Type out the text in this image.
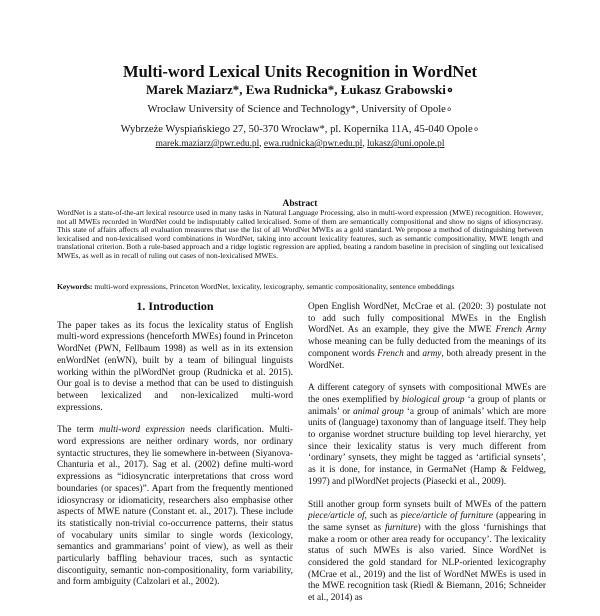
Multi-word Lexical Units Recognition in WordNet
Marek Maziarz*, Ewa Rudnicka*, Łukasz Grabowski∘
Wrocław University of Science and Technology*, University of Opole∘
Wybrzeże Wyspiańskiego 27, 50-370 Wrocław*, pl. Kopernika 11A, 45-040 Opole∘
marek.maziarz@pwr.edu.pl, ewa.rudnicka@pwr.edu.pl, lukasz@uni.opole.pl
Abstract
WordNet is a state-of-the-art lexical resource used in many tasks in Natural Language Processing, also in multi-word expression (MWE) recognition. However, not all MWEs recorded in WordNet could be indisputably called lexicalised. Some of them are semantically compositional and show no signs of idiosyncrasy. This state of affairs affects all evaluation measures that use the list of all WordNet MWEs as a gold standard. We propose a method of distinguishing between lexicalised and non-lexicalised word combinations in WordNet, taking into account lexicality features, such as semantic compositionality, MWE length and translational criterion. Both a rule-based approach and a ridge logistic regression are applied, beating a random baseline in precision of singling out lexicalised MWEs, as well as in recall of ruling out cases of non-lexicalised MWEs.
Keywords: multi-word expressions, Princeton WordNet, lexicality, lexicography, semantic compositionality, sentence embeddings
1. Introduction

The paper takes as its focus the lexicality status of English multi-word expressions (henceforth MWEs) found in Princeton WordNet (PWN, Fellbaum 1998) as well as in its extension enWordNet (enWN), built by a team of bilingual linguists working within the plWordNet group (Rudnicka et al. 2015). Our goal is to devise a method that can be used to distinguish between lexicalized and non-lexicalized multi-word expressions.

The term multi-word expression needs clarification. Multi-word expressions are neither ordinary words, nor ordinary syntactic structures, they lie somewhere in-between (Siyanova-Chanturia et al., 2017). Sag et al. (2002) define multi-word expressions as “idiosyncratic interpretations that cross word boundaries (or spaces)”. Apart from the frequently mentioned idiosyncrasy or idiomaticity, researchers also emphasise other aspects of MWE nature (Constant et. al., 2017). These include its statistically non-trivial co-occurrence patterns, their status of vocabulary units similar to single words (lexicology, semantics and grammarians’ point of view), as well as their particularly baffling behaviour traces, such as syntactic discontiguity, semantic non-compositionality, form variability, and form ambiguity (Calzolari et al., 2002).

Open English WordNet, McCrae et al. (2020: 3) postulate not to add such fully compositional MWEs in the English WordNet. As an example, they give the MWE French Army whose meaning can be fully deducted from the meanings of its component words French and army, both already present in the WordNet.

A different category of synsets with compositional MWEs are the ones exemplified by biological group ‘a group of plants or animals’ or animal group ‘a group of animals’ which are more units of (language) taxonomy than of language itself. They help to organise wordnet structure building top level hierarchy, yet since their lexicality status is very much different from ‘ordinary’ synsets, they might be tagged as ‘artificial synsets’, as it is done, for instance, in GermaNet (Hamp & Feldweg, 1997) and plWordNet projects (Piasecki et al., 2009).

Still another group form synsets built of MWEs of the pattern piece/article of, such as piece/article of furniture (appearing in the same synset as furniture) with the gloss ‘furnishings that make a room or other area ready for occupancy’. The lexicality status of such MWEs is also varied. Since WordNet is considered the gold standard for NLP-oriented lexicography (MCrae et al., 2019) and the list of WordNet MWEs is used in the MWE recognition task (Riedl & Biemann, 2016; Schneider et al., 2014) as
